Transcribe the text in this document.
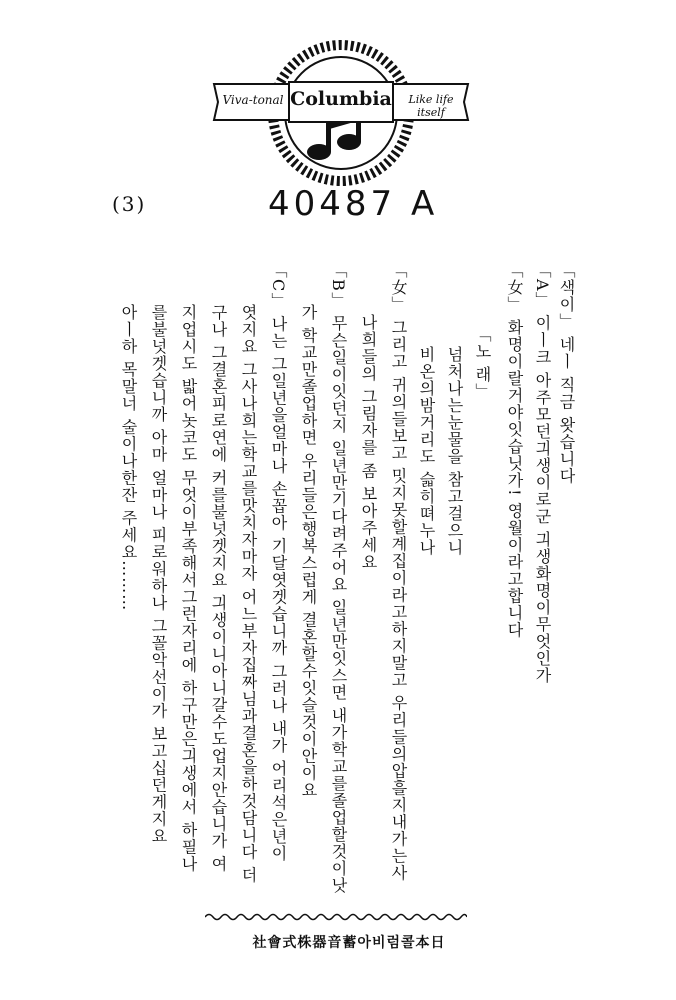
Columbia
Viva-tonal	Like life itself
(3)	40487 A
「女」 화명이랄거야잇습닛가! 영월이라고합니다 「A」 이ㅣ크 아주모던긔생이로군 긔생화명이무엇인가
「노 래」
넘처나는눈물을 참고걸으니
비온의밤거리도 슯히뗘누나
「女」 그리고 귀의들보고 밋지못할계집이라고하지말고 우리들의압흘지내가는사
나희들의 그림자를 좀 보아주세요
「B」 무슨일이잇던지 일년만기다려주어요 일년만잇스면 내가학교를졸업할것이낫
가 학교만졸업하면 우리들은행복스럽게 결혼할수잇슬것이안이요
「C」 나는 그일년을얼마나 손꼽아 기달엿겟습니까 그러나 내가 어리석은년이
엿지요 그사나희는학교를맛치자마자 어느부자집짜님과결혼을하것담니다 더
구나 그결혼피로연에 커를불넛겟지요 긔생이니아니갈수도업지안습니가 여
지업시도 밟어놋코도 무엇이부족해서그런자리에 하구만은긔생에서 하필나
를불넛겟습니까 아마 얼마나 피로워하나 그꼴악선이가 보고십던게지요
아ㅣ하 목말너 술이나한잔 주세요………	「색이」 네ㅣ 직금 왓습니다
社會式株器音蓄아비럼콜本日
